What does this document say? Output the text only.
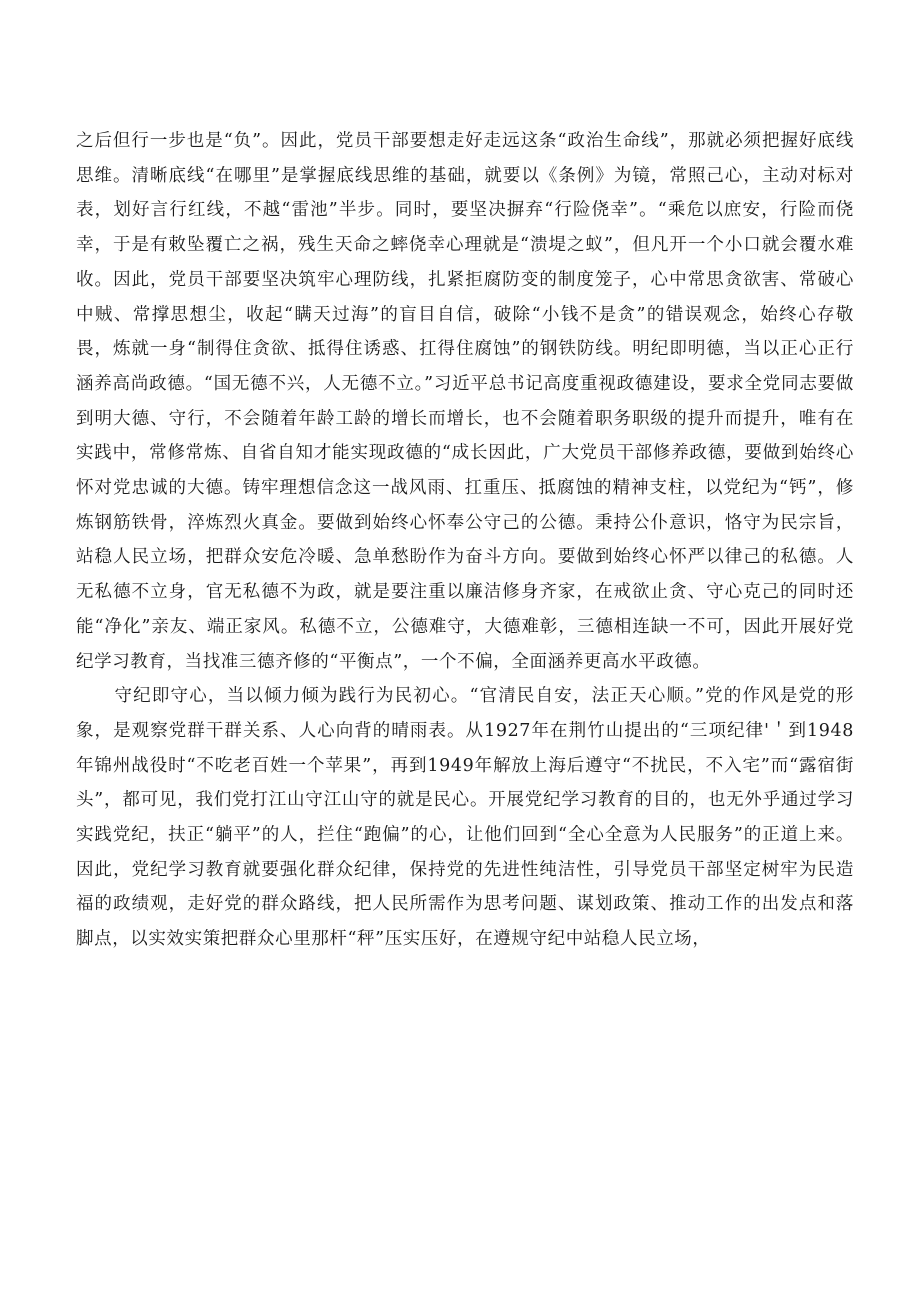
之后但行一步也是“负”。因此，党员干部要想走好走远这条“政治生命线”，那就必须把握好底线思维。清晰底线“在哪里”是掌握底线思维的基础，就要以《条例》为镜，常照己心，主动对标对表，划好言行红线，不越“雷池”半步。同时，要坚决摒弃“行险侥幸”。“乘危以庶安，行险而侥幸，于是有敕坠覆亡之祸，残生天命之蟀侥幸心理就是“溃堤之蚁”，但凡开一个小口就会覆水难收。因此，党员干部要坚决筑牢心理防线，扎紧拒腐防变的制度笼子，心中常思贪欲害、常破心中贼、常撑思想尘，收起“瞒天过海”的盲目自信，破除“小钱不是贪”的错误观念，始终心存敬畏，炼就一身“制得住贪欲、抵得住诱惑、扛得住腐蚀”的钢铁防线。明纪即明德，当以正心正行涵养高尚政德。“国无德不兴，人无德不立。”习近平总书记高度重视政德建设，要求全党同志要做到明大德、守行，不会随着年龄工龄的增长而增长，也不会随着职务职级的提升而提升，唯有在实践中，常修常炼、自省自知才能实现政德的“成长因此，广大党员干部修养政德，要做到始终心怀对党忠诚的大德。铸牢理想信念这一战风雨、扛重压、抵腐蚀的精神支柱，以党纪为“钙”，修炼钢筋铁骨，淬炼烈火真金。要做到始终心怀奉公守己的公德。秉持公仆意识，恪守为民宗旨，站稳人民立场，把群众安危冷暖、急单愁盼作为奋斗方向。要做到始终心怀严以律己的私德。人无私德不立身，官无私德不为政，就是要注重以廉洁修身齐家，在戒欲止贪、守心克己的同时还能“净化”亲友、端正家风。私德不立，公德难守，大德难彰，三德相连缺一不可，因此开展好党纪学习教育，当找准三德齐修的“平衡点”，一个不偏，全面涵养更高水平政德。

守纪即守心，当以倾力倾为践行为民初心。“官清民自安，法正天心顺。”党的作风是党的形象，是观察党群干群关系、人心向背的晴雨表。从1927年在荆竹山提出的“三项纪律'＇到1948年锦州战役时“不吃老百姓一个苹果”，再到1949年解放上海后遵守“不扰民，不入宅”而“露宿街头”，都可见，我们党打江山守江山守的就是民心。开展党纪学习教育的目的，也无外乎通过学习实践党纪，扶正“躺平”的人，拦住“跑偏”的心，让他们回到“全心全意为人民服务”的正道上来。因此，党纪学习教育就要强化群众纪律，保持党的先进性纯洁性，引导党员干部坚定树牢为民造福的政绩观，走好党的群众路线，把人民所需作为思考问题、谋划政策、推动工作的出发点和落脚点，以实效实策把群众心里那杆“秤”压实压好，在遵规守纪中站稳人民立场，
